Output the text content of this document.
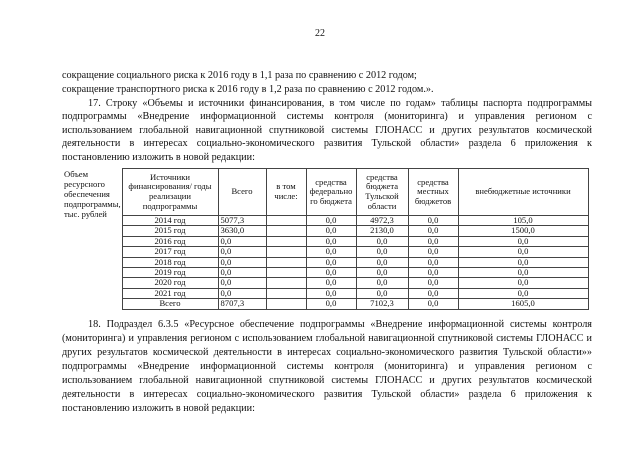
22
сокращение социального риска к 2016 году в 1,1 раза по сравнению с 2012 годом;
сокращение транспортного риска к 2016 году в 1,2 раза по сравнению с 2012 годом.».
17. Строку «Объемы и источники финансирования, в том числе по годам» таблицы паспорта подпрограммы
подпрограммы «Внедрение информационной системы контроля (мониторинга) и управления регионом с
использованием глобальной навигационной спутниковой системы ГЛОНАСС и других результатов космической
деятельности в интересах социально-экономического развития Тульской области» раздела 6 приложения к
постановлению изложить в новой редакции:
Объем ресурсного обеспечения подпрограммы, тыс. рублей	Источники финансирования/ годы реализации подпрограммы	Всего	в том числе:	средства федерально го бюджета	средства бюджета Тульской области	средства местных бюджетов	внебюджетные источники
	2014 год	5077,3		0,0	4972,3	0,0	105,0
	2015 год	3630,0		0,0	2130,0	0,0	1500,0
	2016 год	0,0		0,0	0,0	0,0	0,0
	2017 год	0,0		0,0	0,0	0,0	0,0
	2018 год	0,0		0,0	0,0	0,0	0,0
	2019 год	0,0		0,0	0,0	0,0	0,0
	2020 год	0,0		0,0	0,0	0,0	0,0
	2021 год	0,0		0,0	0,0	0,0	0,0
	Всего	8707,3		0,0	7102,3	0,0	1605,0
18. Подраздел 6.3.5 «Ресурсное обеспечение подпрограммы «Внедрение информационной системы контроля
(мониторинга) и управления регионом с использованием глобальной навигационной спутниковой системы ГЛОНАСС и
других результатов космической деятельности в интересах социально-экономического развития Тульской области»»
подпрограммы «Внедрение информационной системы контроля (мониторинга) и управления регионом с
использованием глобальной навигационной спутниковой системы ГЛОНАСС и других результатов космической
деятельности в интересах социально-экономического развития Тульской области» раздела 6 приложения к
постановлению изложить в новой редакции:
